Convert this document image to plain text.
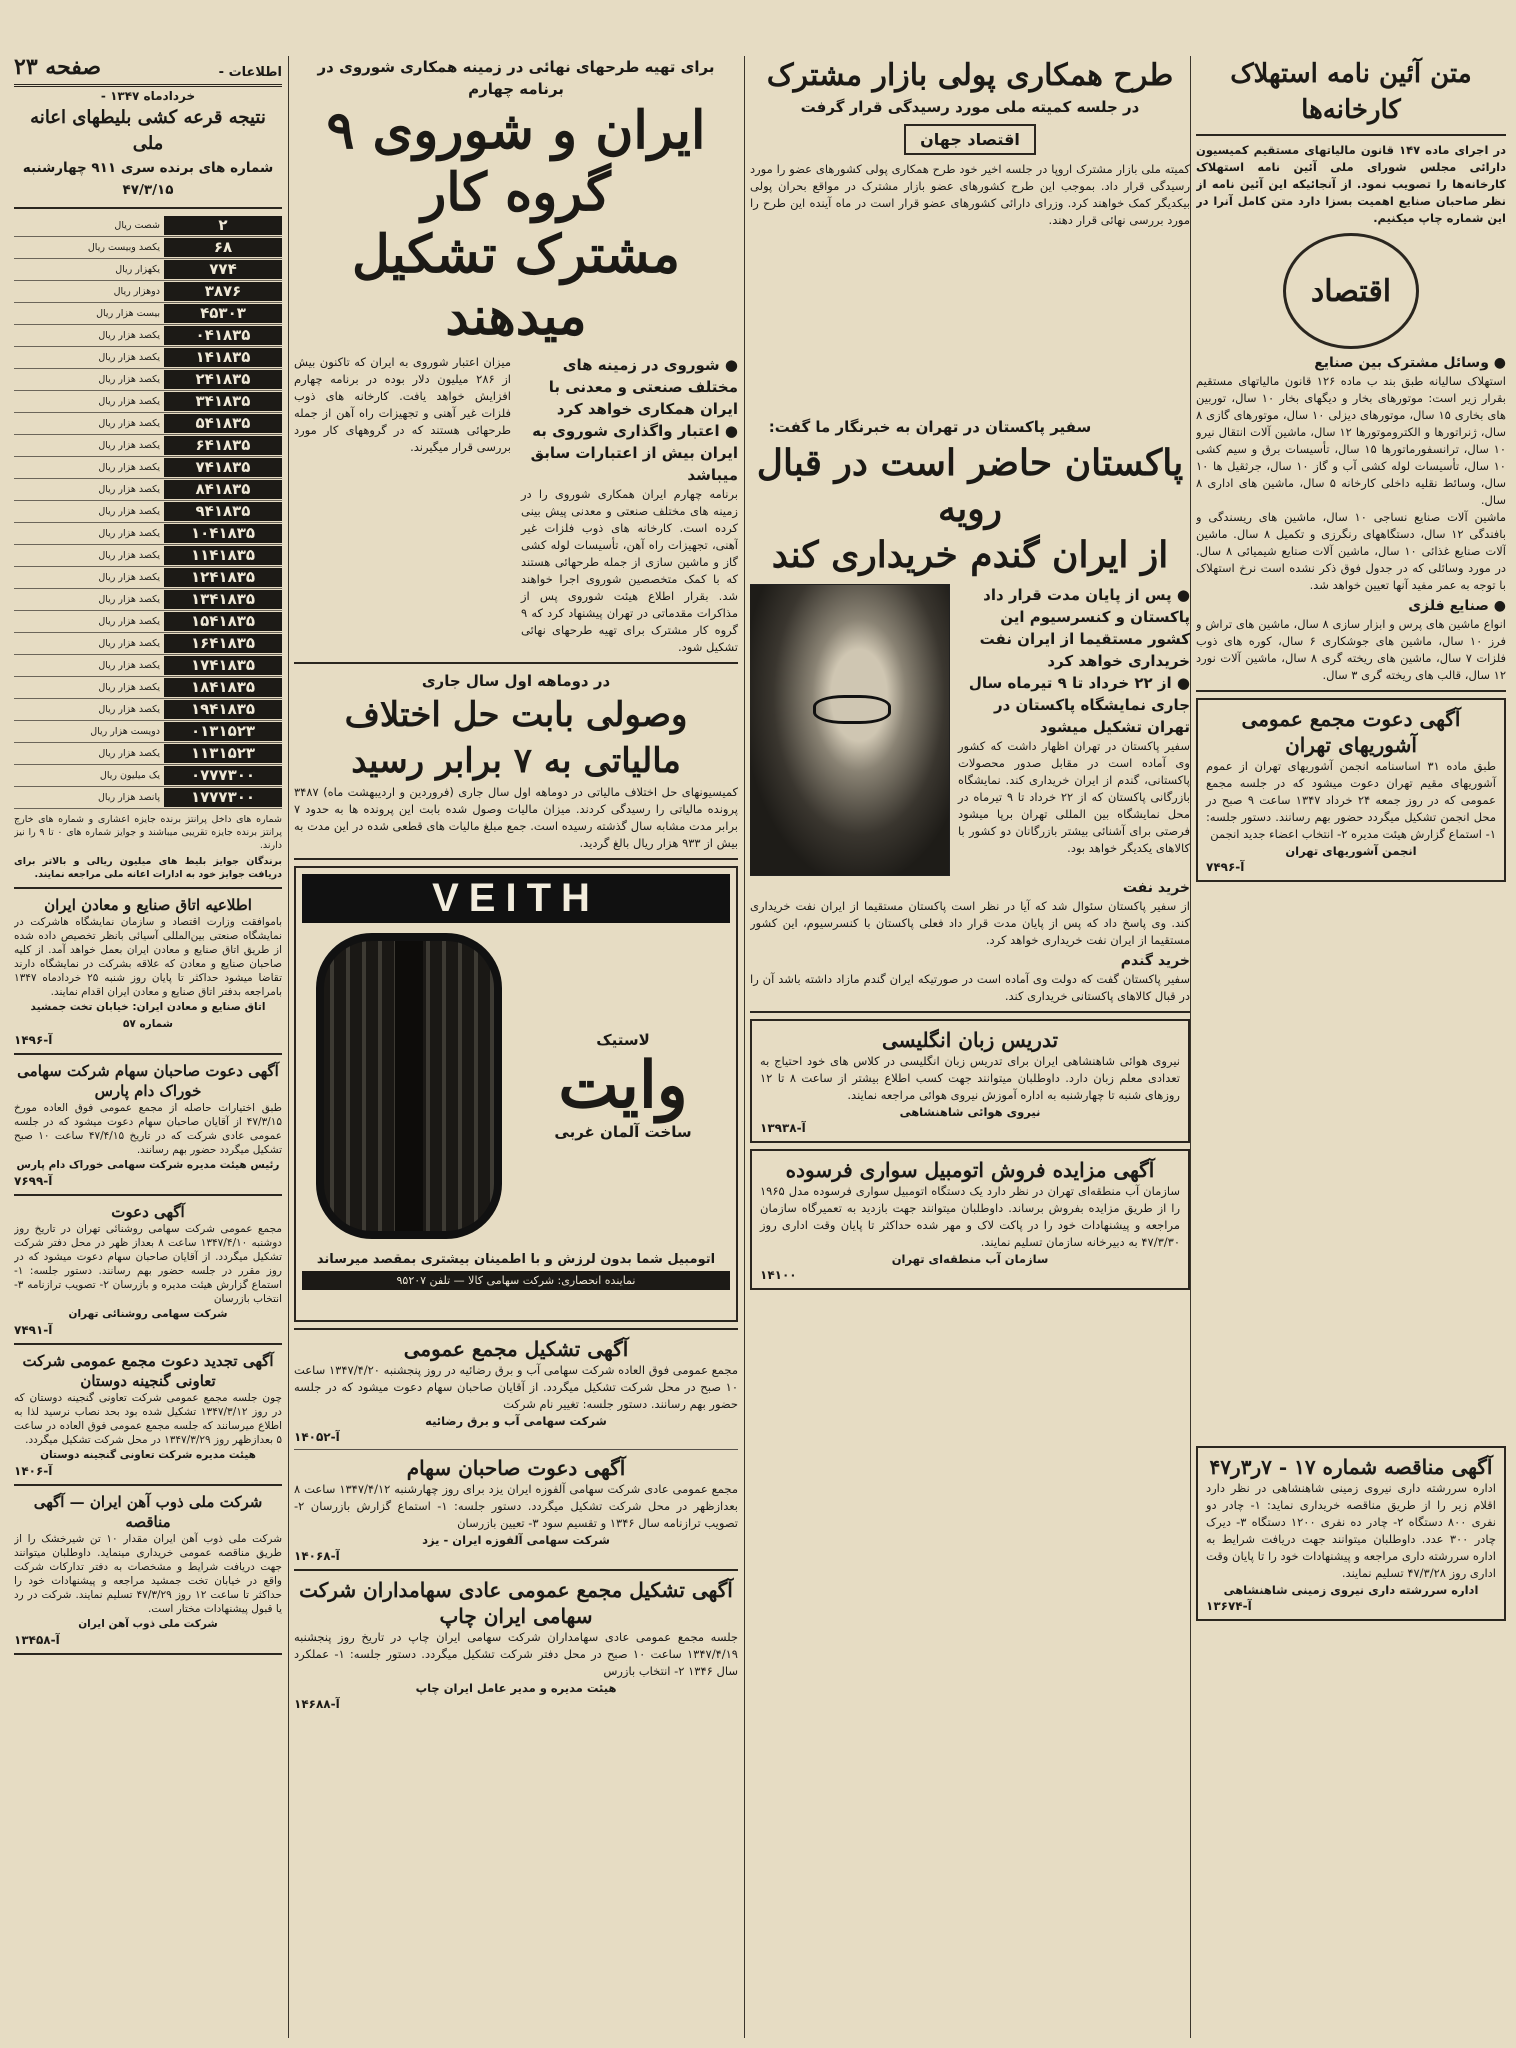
اطلاعات -
صفحه ۲۳
خردادماه ۱۳۴۷ -
نتیجه قرعه کشی بلیطهای اعانه ملی
شماره های برنده سری ۹۱۱ چهارشنبه ۴۷/۳/۱۵
۲
شصت ریال
۶۸
یکصد وبیست ریال
۷۷۴
یکهزار ریال
۳۸۷۶
دوهزار ریال
۴۵۳۰۳
بیست هزار ریال
۰۴۱۸۳۵
یکصد هزار ریال
۱۴۱۸۳۵
یکصد هزار ریال
۲۴۱۸۳۵
یکصد هزار ریال
۳۴۱۸۳۵
یکصد هزار ریال
۵۴۱۸۳۵
یکصد هزار ریال
۶۴۱۸۳۵
یکصد هزار ریال
۷۴۱۸۳۵
یکصد هزار ریال
۸۴۱۸۳۵
یکصد هزار ریال
۹۴۱۸۳۵
یکصد هزار ریال
۱۰۴۱۸۳۵
یکصد هزار ریال
۱۱۴۱۸۳۵
یکصد هزار ریال
۱۲۴۱۸۳۵
یکصد هزار ریال
۱۳۴۱۸۳۵
یکصد هزار ریال
۱۵۴۱۸۳۵
یکصد هزار ریال
۱۶۴۱۸۳۵
یکصد هزار ریال
۱۷۴۱۸۳۵
یکصد هزار ریال
۱۸۴۱۸۳۵
یکصد هزار ریال
۱۹۴۱۸۳۵
یکصد هزار ریال
۰۱۳۱۵۲۳
دویست هزار ریال
۱۱۳۱۵۲۳
یکصد هزار ریال
۰۷۷۷۳۰۰
یک میلیون ریال
۱۷۷۷۳۰۰
پانصد هزار ریال
شماره های داخل پرانتز برنده جایزه اعشاری و شماره های خارج پرانتز برنده جایزه تقریبی میباشند و جوایز شماره های ۰ تا ۹ را نیز دارند.
برندگان جوایز بلیط های میلیون ریالی و بالاتر برای دریافت جوایز خود به ادارات اعانه ملی مراجعه نمایند.
اطلاعیه اتاق صنایع و معادن ایران
باموافقت وزارت اقتصاد و سازمان نمایشگاه هاشرکت در نمایشگاه صنعتی بین‌المللی آسیائی بانظر تخصیص داده شده از طریق اتاق صنایع و معادن ایران بعمل خواهد آمد. از کلیه صاحبان صنایع و معادن که علاقه بشرکت در نمایشگاه دارند تقاضا میشود حداکثر تا پایان روز شنبه ۲۵ خردادماه ۱۳۴۷ بامراجعه بدفتر اتاق صنایع و معادن ایران اقدام نمایند.
اتاق صنایع و معادن ایران: خیابان تخت جمشید شماره ۵۷
آ-۱۴۹۶
آگهی دعوت صاحبان سهام شرکت سهامی خوراک دام پارس
طبق اختیارات حاصله از مجمع عمومی فوق العاده مورخ ۴۷/۳/۱۵ از آقایان صاحبان سهام دعوت میشود که در جلسه عمومی عادی شرکت که در تاریخ ۴۷/۴/۱۵ ساعت ۱۰ صبح تشکیل میگردد حضور بهم رسانند.
رئیس هیئت مدیره شرکت سهامی خوراک دام پارس
آ-۷۶۹۹
آگهی دعوت
مجمع عمومی شرکت سهامی روشنائی تهران در تاریخ روز دوشنبه ۱۳۴۷/۴/۱۰ ساعت ۸ بعداز ظهر در محل دفتر شرکت تشکیل میگردد. از آقایان صاحبان سهام دعوت میشود که در روز مقرر در جلسه حضور بهم رسانند. دستور جلسه: ۱- استماع گزارش هیئت مدیره و بازرسان ۲- تصویب ترازنامه ۳- انتخاب بازرسان
شرکت سهامی روشنائی تهران
آ-۷۴۹۱
آگهی تجدید دعوت مجمع عمومی شرکت تعاونی گنجینه دوستان
چون جلسه مجمع عمومی شرکت تعاونی گنجینه دوستان که در روز ۱۳۴۷/۳/۱۲ تشکیل شده بود بحد نصاب نرسید لذا به اطلاع میرسانند که جلسه مجمع عمومی فوق العاده در ساعت ۵ بعدازظهر روز ۱۳۴۷/۳/۲۹ در محل شرکت تشکیل میگردد.
هیئت مدیره شرکت تعاونی گنجینه دوستان
آ-۱۴۰۶
شرکت ملی ذوب آهن ایران — آگهی مناقصه
شرکت ملی ذوب آهن ایران مقدار ۱۰ تن شیرخشک را از طریق مناقصه عمومی خریداری مینماید. داوطلبان میتوانند جهت دریافت شرایط و مشخصات به دفتر تدارکات شرکت واقع در خیابان تخت جمشید مراجعه و پیشنهادات خود را حداکثر تا ساعت ۱۲ روز ۴۷/۳/۲۹ تسلیم نمایند. شرکت در رد یا قبول پیشنهادات مختار است.
شرکت ملی ذوب آهن ایران
آ-۱۳۴۵۸
برای تهیه طرحهای نهائی در زمینه همکاری شوروی در برنامه چهارم
ایران و شوروی ۹ گروه کار
مشترک تشکیل میدهند
● شوروی در زمینه های مختلف صنعتی و معدنی با ایران همکاری خواهد کرد
● اعتبار واگذاری شوروی به ایران بیش از اعتبارات سابق میباشد
برنامه چهارم ایران همکاری شوروی را در زمینه های مختلف صنعتی و معدنی پیش بینی کرده است. کارخانه های ذوب فلزات غیر آهنی، تجهیزات راه آهن، تأسیسات لوله کشی گاز و ماشین سازی از جمله طرحهائی هستند که با کمک متخصصین شوروی اجرا خواهند شد. بقرار اطلاع هیئت شوروی پس از مذاکرات مقدماتی در تهران پیشنهاد کرد که ۹ گروه کار مشترک برای تهیه طرحهای نهائی تشکیل شود.
میزان اعتبار شوروی به ایران که تاکنون بیش از ۲۸۶ میلیون دلار بوده در برنامه چهارم افزایش خواهد یافت. کارخانه های ذوب فلزات غیر آهنی و تجهیزات راه آهن از جمله طرحهائی هستند که در گروههای کار مورد بررسی قرار میگیرند.
در دوماهه اول سال جاری
وصولی بابت حل اختلاف مالیاتی به ۷ برابر رسید
کمیسیونهای حل اختلاف مالیاتی در دوماهه اول سال جاری (فروردین و اردیبهشت ماه) ۳۴۸۷ پرونده مالیاتی را رسیدگی کردند. میزان مالیات وصول شده بابت این پرونده ها به حدود ۷ برابر مدت مشابه سال گذشته رسیده است. جمع مبلغ مالیات های قطعی شده در این مدت به بیش از ۹۳۳ هزار ریال بالغ گردید.
VEITH
لاستیک
وایت
ساخت آلمان غربی
اتومبیل شما بدون لرزش و با اطمینان بیشتری بمقصد میرساند
نماینده انحصاری: شرکت سهامی کالا — تلفن ۹۵۲۰۷
آگهی تشکیل مجمع عمومی
مجمع عمومی فوق العاده شرکت سهامی آب و برق رضائیه در روز پنجشنبه ۱۳۴۷/۴/۲۰ ساعت ۱۰ صبح در محل شرکت تشکیل میگردد. از آقایان صاحبان سهام دعوت میشود که در جلسه حضور بهم رسانند. دستور جلسه: تغییر نام شرکت
شرکت سهامی آب و برق رضائیه
آ-۱۴۰۵۲
آگهی دعوت صاحبان سهام
مجمع عمومی عادی شرکت سهامی آلفوزه ایران یزد برای روز چهارشنبه ۱۳۴۷/۴/۱۲ ساعت ۸ بعدازظهر در محل شرکت تشکیل میگردد. دستور جلسه: ۱- استماع گزارش بازرسان ۲- تصویب ترازنامه سال ۱۳۴۶ و تقسیم سود ۳- تعیین بازرسان
شرکت سهامی آلفوزه ایران - یزد
آ-۱۴۰۶۸
آگهی تشکیل مجمع عمومی عادی سهامداران شرکت سهامی ایران چاپ
جلسه مجمع عمومی عادی سهامداران شرکت سهامی ایران چاپ در تاریخ روز پنجشنبه ۱۳۴۷/۴/۱۹ ساعت ۱۰ صبح در محل دفتر شرکت تشکیل میگردد. دستور جلسه: ۱- عملکرد سال ۱۳۴۶ ۲- انتخاب بازرس
هیئت مدیره و مدیر عامل ایران چاپ
آ-۱۴۶۸۸
سفیر پاکستان در تهران به خبرنگار ما گفت:
پاکستان حاضر است در قبال رویه
از ایران گندم خریداری کند
● پس از پایان مدت قرار داد پاکستان و کنسرسیوم این کشور مستقیما از ایران نفت خریداری خواهد کرد
● از ۲۲ خرداد تا ۹ تیرماه سال جاری نمایشگاه پاکستان در تهران تشکیل میشود
سفیر پاکستان در تهران اظهار داشت که کشور وی آماده است در مقابل صدور محصولات پاکستانی، گندم از ایران خریداری کند. نمایشگاه بازرگانی پاکستان که از ۲۲ خرداد تا ۹ تیرماه در محل نمایشگاه بین المللی تهران برپا میشود فرصتی برای آشنائی بیشتر بازرگانان دو کشور با کالاهای یکدیگر خواهد بود.
خرید نفت
از سفیر پاکستان سئوال شد که آیا در نظر است پاکستان مستقیما از ایران نفت خریداری کند. وی پاسخ داد که پس از پایان مدت قرار داد فعلی پاکستان با کنسرسیوم، این کشور مستقیما از ایران نفت خریداری خواهد کرد.
خرید گندم
سفیر پاکستان گفت که دولت وی آماده است در صورتیکه ایران گندم مازاد داشته باشد آن را در قبال کالاهای پاکستانی خریداری کند.
تدریس زبان انگلیسی
نیروی هوائی شاهنشاهی ایران برای تدریس زبان انگلیسی در کلاس های خود احتیاج به تعدادی معلم زبان دارد. داوطلبان میتوانند جهت کسب اطلاع بیشتر از ساعت ۸ تا ۱۲ روزهای شنبه تا چهارشنبه به اداره آموزش نیروی هوائی مراجعه نمایند.
نیروی هوائی شاهنشاهی
آ-۱۳۹۳۸
آگهی مزایده فروش اتومبیل سواری فرسوده
سازمان آب منطقه‌ای تهران در نظر دارد یک دستگاه اتومبیل سواری فرسوده مدل ۱۹۶۵ را از طریق مزایده بفروش برساند. داوطلبان میتوانند جهت بازدید به تعمیرگاه سازمان مراجعه و پیشنهادات خود را در پاکت لاک و مهر شده حداکثر تا پایان وقت اداری روز ۴۷/۳/۳۰ به دبیرخانه سازمان تسلیم نمایند.
سازمان آب منطقه‌ای تهران
۱۴۱۰۰
متن آئین نامه استهلاک کارخانه‌ها
در اجرای ماده ۱۴۷ قانون مالیاتهای مستقیم کمیسیون دارائی مجلس شورای ملی آئین نامه استهلاک کارخانه‌ها را تصویب نمود. از آنجائیکه این آئین نامه از نظر صاحبان صنایع اهمیت بسزا دارد متن کامل آنرا در این شماره چاپ میکنیم.
اقتصاد
● وسائل مشترک بین صنایع
استهلاک سالیانه طبق بند ب ماده ۱۲۶ قانون مالیاتهای مستقیم بقرار زیر است: موتورهای بخار و دیگهای بخار ۱۰ سال، توربین های بخاری ۱۵ سال، موتورهای دیزلی ۱۰ سال، موتورهای گازی ۸ سال، ژنراتورها و الکتروموتورها ۱۲ سال، ماشین آلات انتقال نیرو ۱۰ سال، ترانسفورماتورها ۱۵ سال، تأسیسات برق و سیم کشی ۱۰ سال، تأسیسات لوله کشی آب و گاز ۱۰ سال، جرثقیل ها ۱۰ سال، وسائط نقلیه داخلی کارخانه ۵ سال، ماشین های اداری ۸ سال.
ماشین آلات صنایع نساجی ۱۰ سال، ماشین های ریسندگی و بافندگی ۱۲ سال، دستگاههای رنگرزی و تکمیل ۸ سال. ماشین آلات صنایع غذائی ۱۰ سال، ماشین آلات صنایع شیمیائی ۸ سال. در مورد وسائلی که در جدول فوق ذکر نشده است نرخ استهلاک با توجه به عمر مفید آنها تعیین خواهد شد.
● صنایع فلزی
انواع ماشین های پرس و ابزار سازی ۸ سال، ماشین های تراش و فرز ۱۰ سال، ماشین های جوشکاری ۶ سال، کوره های ذوب فلزات ۷ سال، ماشین های ریخته گری ۸ سال، ماشین آلات نورد ۱۲ سال، قالب های ریخته گری ۳ سال.
آگهی دعوت مجمع عمومی آشوریهای تهران
طبق ماده ۳۱ اساسنامه انجمن آشوریهای تهران از عموم آشوریهای مقیم تهران دعوت میشود که در جلسه مجمع عمومی که در روز جمعه ۲۴ خرداد ۱۳۴۷ ساعت ۹ صبح در محل انجمن تشکیل میگردد حضور بهم رسانند. دستور جلسه: ۱- استماع گزارش هیئت مدیره ۲- انتخاب اعضاء جدید انجمن
انجمن آشوریهای تهران
آ-۷۴۹۶
آگهی مناقصه شماره ۱۷ - ۷ر۳ر۴۷
اداره سررشته داری نیروی زمینی شاهنشاهی در نظر دارد اقلام زیر را از طریق مناقصه خریداری نماید: ۱- چادر دو نفری ۸۰۰ دستگاه ۲- چادر ده نفری ۱۲۰۰ دستگاه ۳- دیرک چادر ۳۰۰ عدد. داوطلبان میتوانند جهت دریافت شرایط به اداره سررشته داری مراجعه و پیشنهادات خود را تا پایان وقت اداری روز ۴۷/۳/۲۸ تسلیم نمایند.
اداره سررشته داری نیروی زمینی شاهنشاهی
آ-۱۳۶۷۴
طرح همکاری پولی بازار مشترک
در جلسه کمیته ملی مورد رسیدگی قرار گرفت
اقتصاد جهان
کمیته ملی بازار مشترک اروپا در جلسه اخیر خود طرح همکاری پولی کشورهای عضو را مورد رسیدگی قرار داد. بموجب این طرح کشورهای عضو بازار مشترک در مواقع بحران پولی بیکدیگر کمک خواهند کرد. وزرای دارائی کشورهای عضو قرار است در ماه آینده این طرح را مورد بررسی نهائی قرار دهند.
